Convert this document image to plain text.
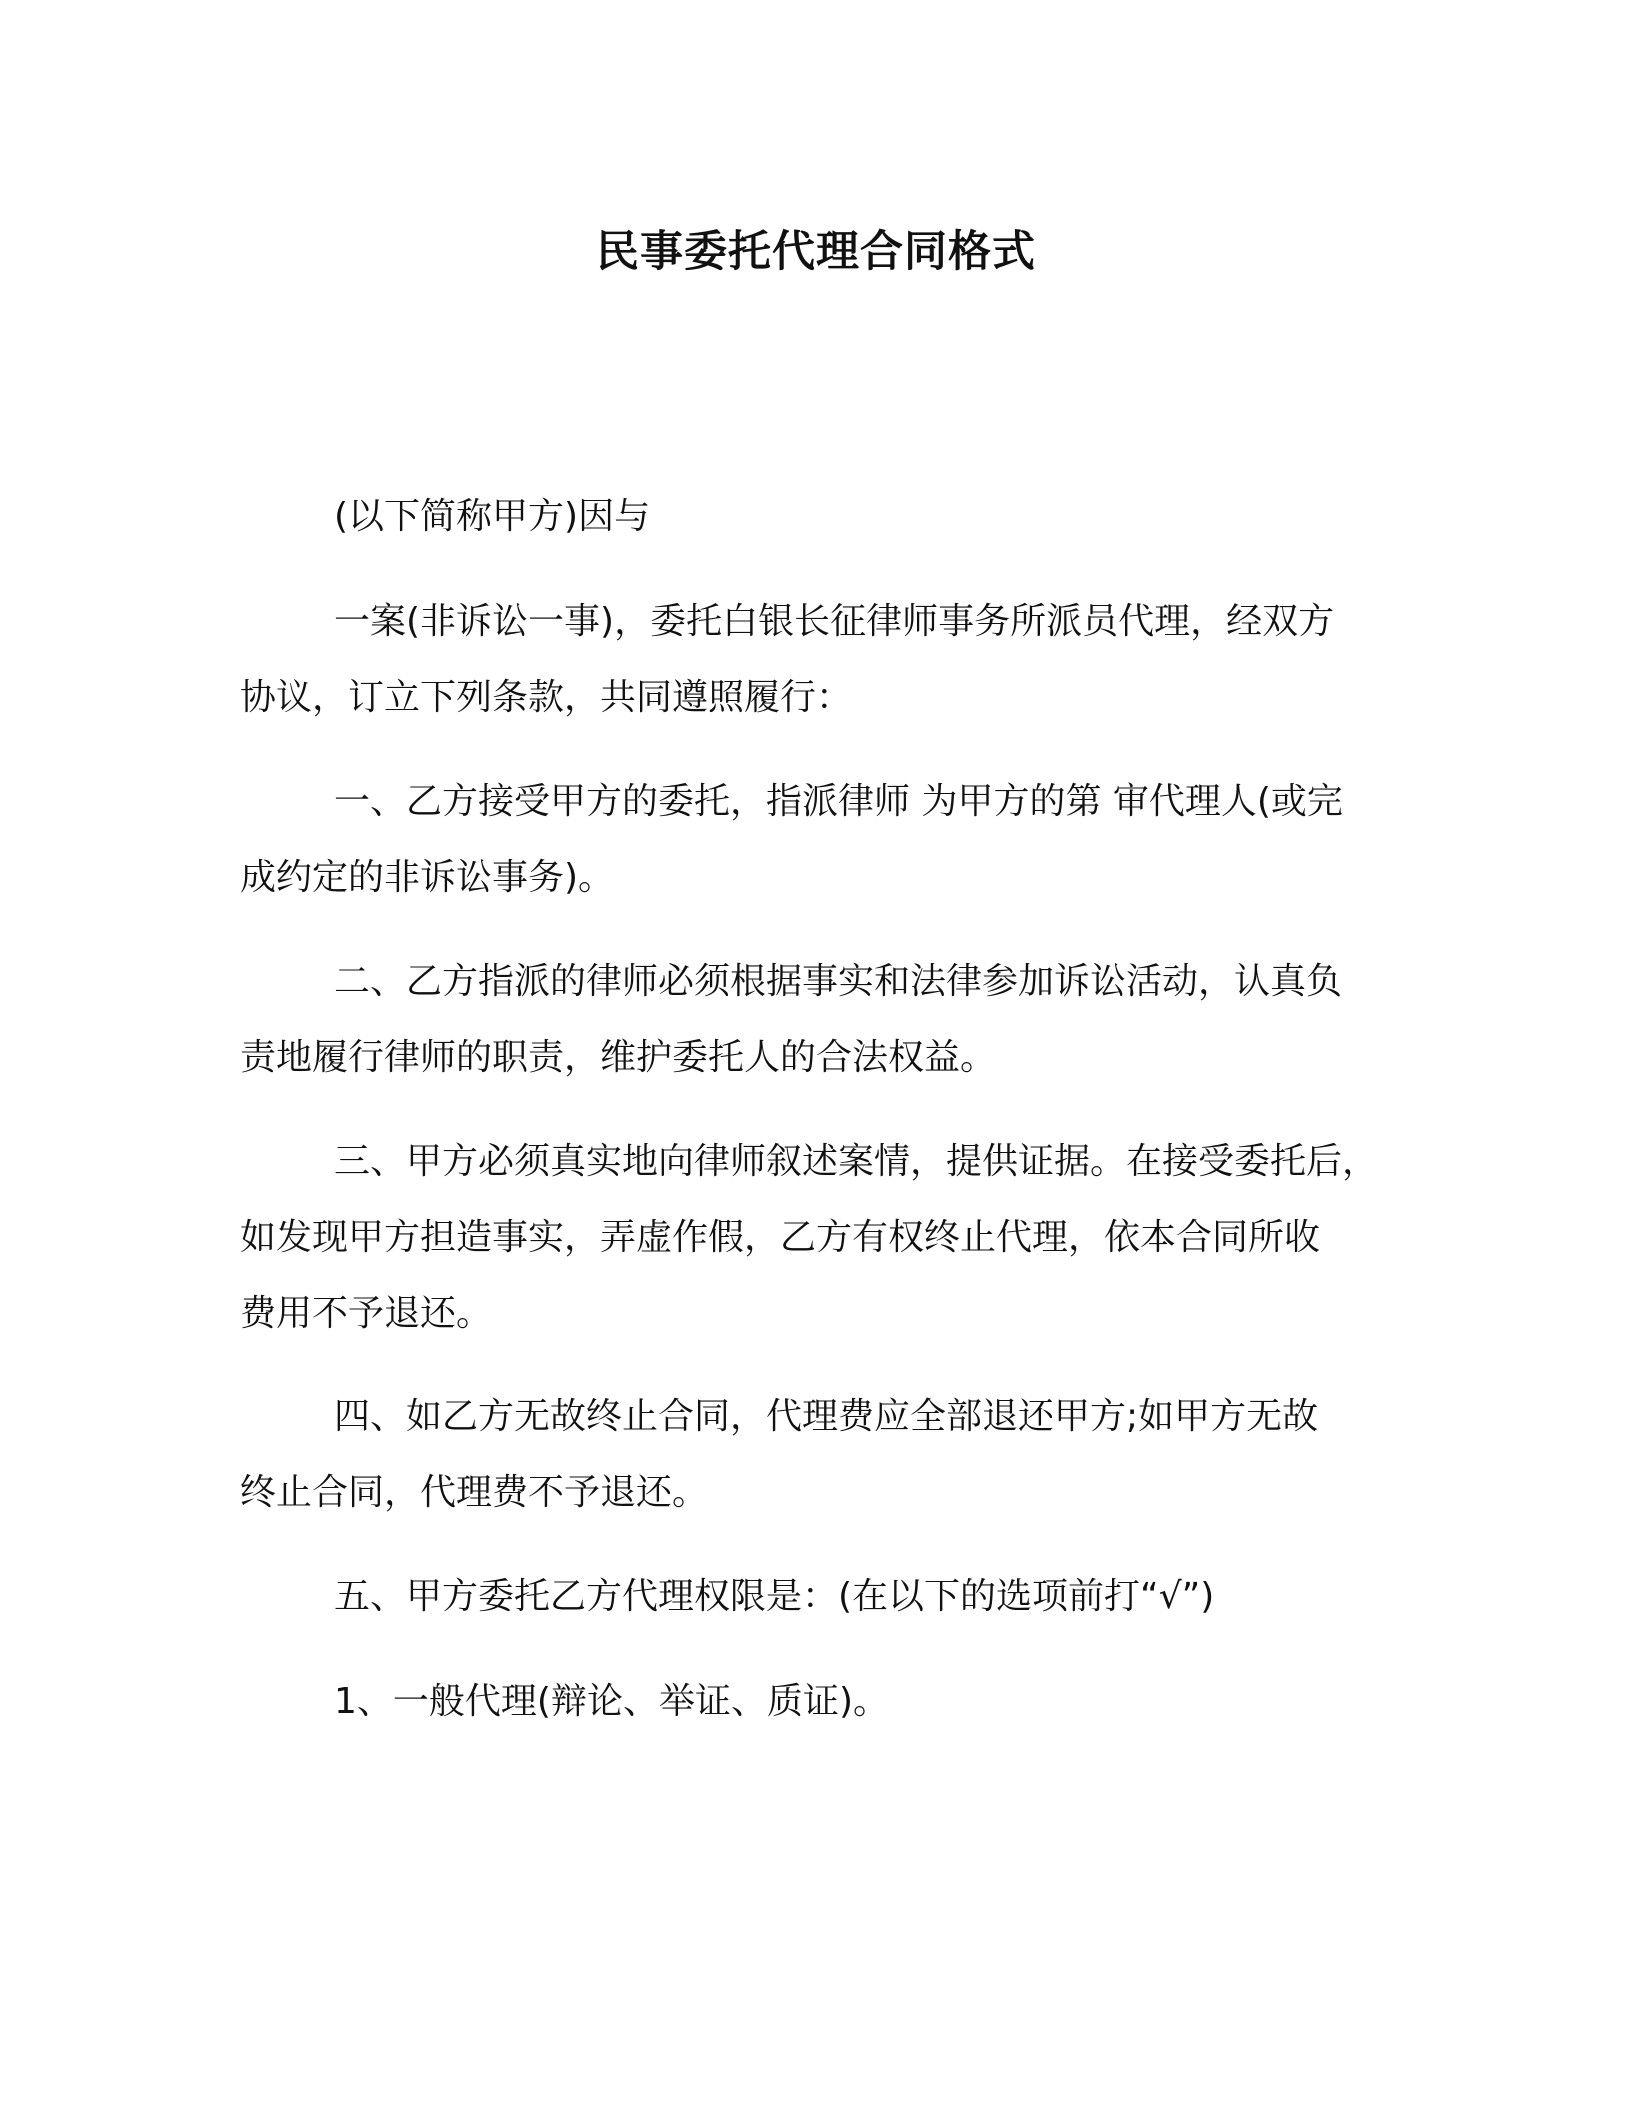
民事委托代理合同格式

(以下简称甲方)因与

一案(非诉讼一事)，委托白银长征律师事务所派员代理，经双方

协议，订立下列条款，共同遵照履行：

一、乙方接受甲方的委托，指派律师 为甲方的第 审代理人(或完

成约定的非诉讼事务)。

二、乙方指派的律师必须根据事实和法律参加诉讼活动，认真负

责地履行律师的职责，维护委托人的合法权益。

三、甲方必须真实地向律师叙述案情，提供证据。在接受委托后，

如发现甲方担造事实，弄虚作假，乙方有权终止代理，依本合同所收

费用不予退还。

四、如乙方无故终止合同，代理费应全部退还甲方;如甲方无故

终止合同，代理费不予退还。

五、甲方委托乙方代理权限是：(在以下的选项前打“√”)

1、一般代理(辩论、举证、质证)。
